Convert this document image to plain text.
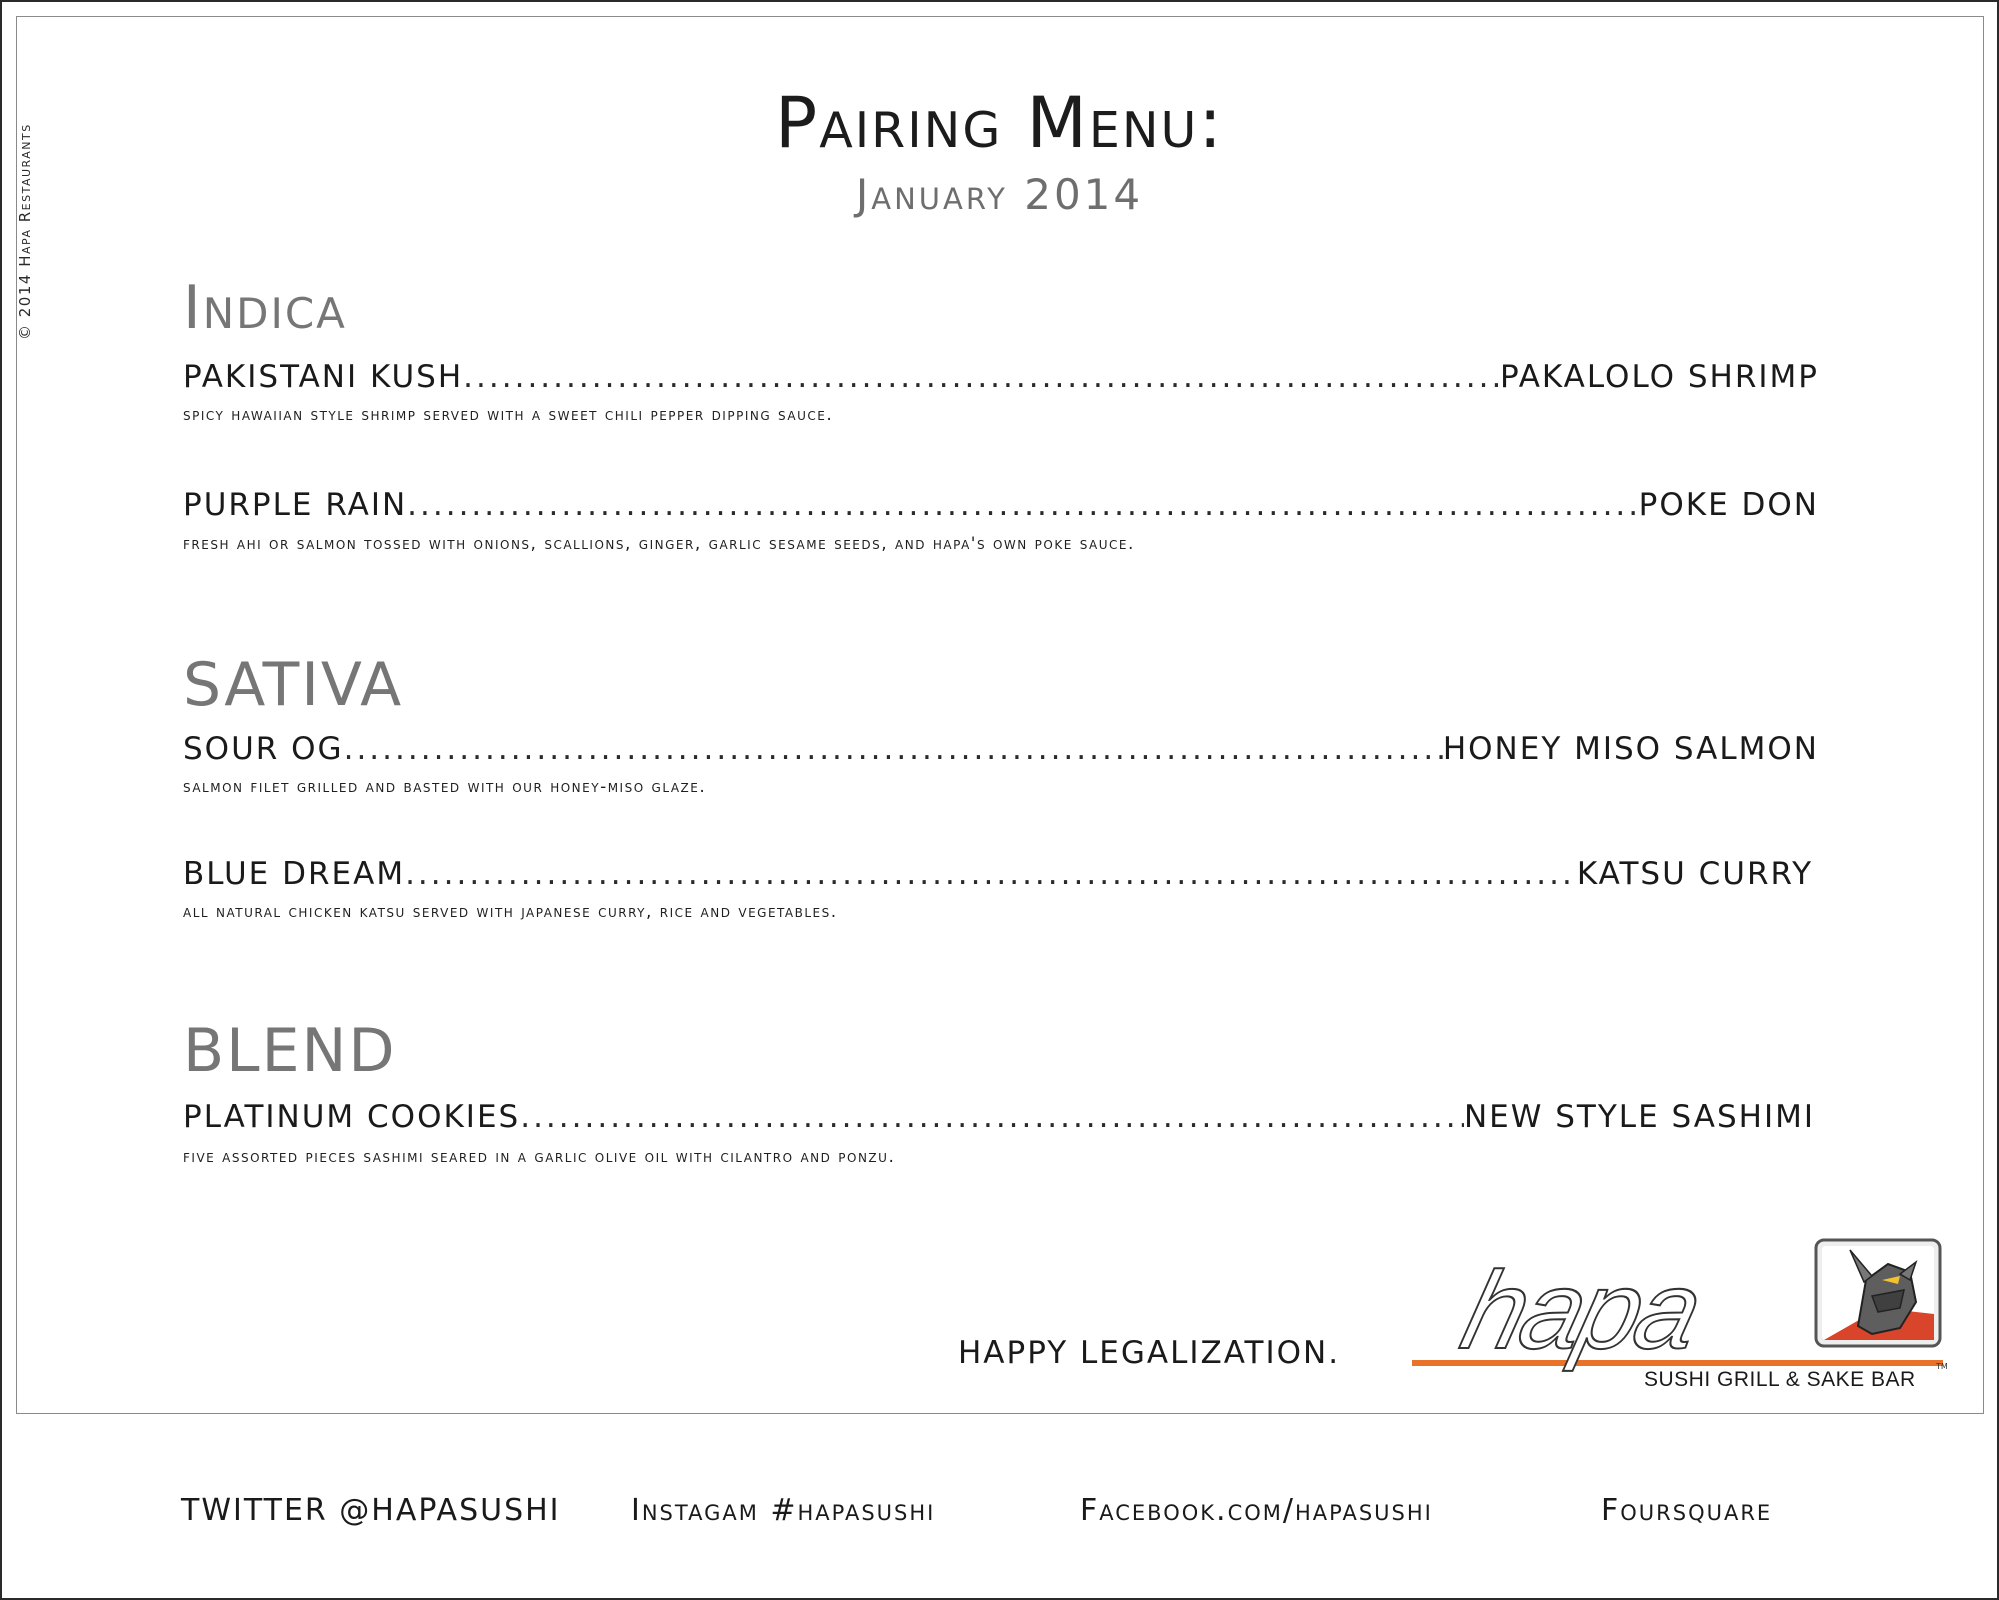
© 2014 Hapa Restaurants
Pairing Menu:
January 2014
Indica
PAKISTANI KUSH .....	PAKALOLO SHRIMP
spicy hawaiian style shrimp served with a sweet chili pepper dipping sauce.
PURPLE RAIN .....	POKE DON
fresh ahi or salmon tossed with onions, scallions, ginger, garlic sesame seeds, and hapa's own poke sauce.
SATIVA
SOUR OG .....	HONEY MISO SALMON
salmon filet grilled and basted with our honey-miso glaze.
BLUE DREAM .....	KATSU CURRY
all natural chicken katsu served with japanese curry, rice and vegetables.
BLEND
PLATINUM COOKIES .....	NEW STYLE SASHIMI
five assorted pieces sashimi seared in a garlic olive oil with cilantro and ponzu.
HAPPY LEGALIZATION. hapa
SUSHI GRILL & SAKE BAR
TM
TWITTER @HAPASUSHI Instagam #hapasushi	Facebook.com/hapasushi	Foursquare
